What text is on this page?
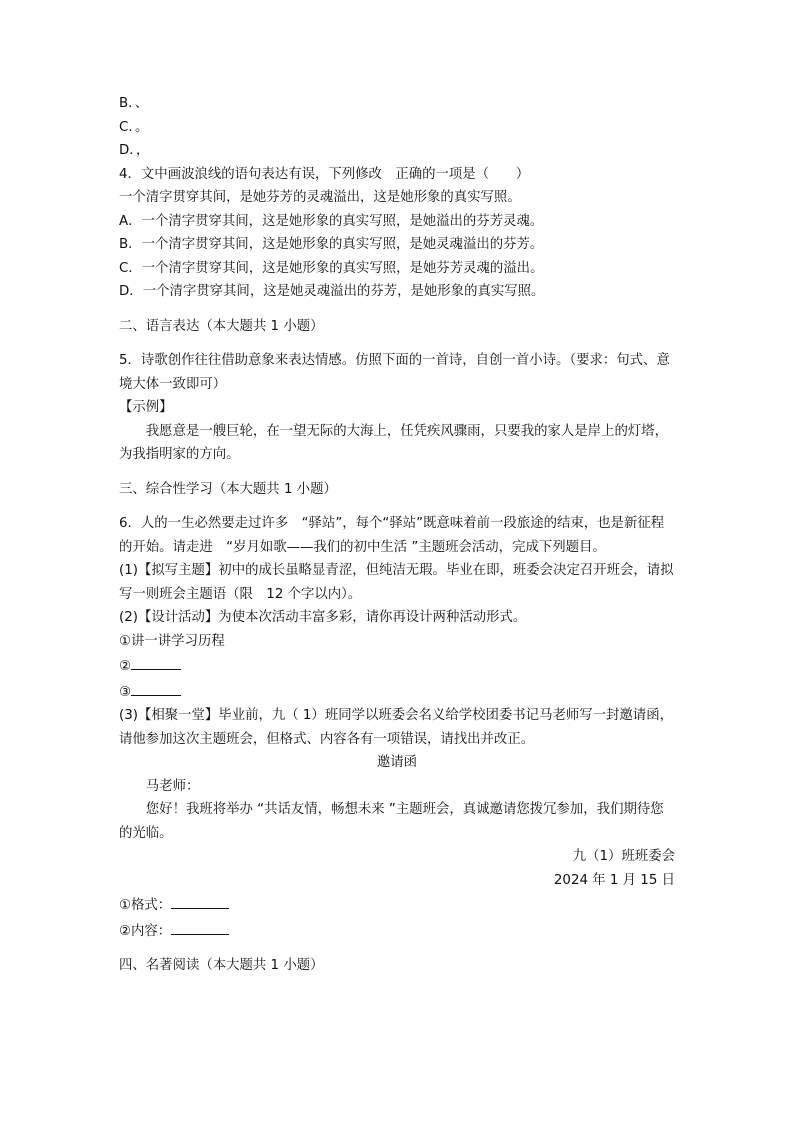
B．、
C．。
D．，
4．文中画波浪线的语句表达有误，下列修改　正确的一项是（　　）
一个清字贯穿其间，是她芬芳的灵魂溢出，这是她形象的真实写照。
A．一个清字贯穿其间，这是她形象的真实写照，是她溢出的芬芳灵魂。
B．一个清字贯穿其间，这是她形象的真实写照，是她灵魂溢出的芬芳。
C．一个清字贯穿其间，这是她形象的真实写照，是她芬芳灵魂的溢出。
D．一个清字贯穿其间，这是她灵魂溢出的芬芳，是她形象的真实写照。
二、语言表达（本大题共 1 小题）
5．诗歌创作往往借助意象来表达情感。仿照下面的一首诗，自创一首小诗。（要求：句式、意境大体一致即可）
【示例】
我愿意是一艘巨轮，在一望无际的大海上，任凭疾风骤雨，只要我的家人是岸上的灯塔，为我指明家的方向。
三、综合性学习（本大题共 1 小题）
6．人的一生必然要走过许多　“驿站”，每个“驿站”既意味着前一段旅途的结束，也是新征程的开始。请走进　“岁月如歌——我们的初中生活 ”主题班会活动，完成下列题目。
(1)【拟写主题】初中的成长虽略显青涩，但纯洁无瑕。毕业在即，班委会决定召开班会，请拟写一则班会主题语（限　12 个字以内）。
(2)【设计活动】为使本次活动丰富多彩，请你再设计两种活动形式。
①讲一讲学习历程
②
③
(3)【相聚一堂】毕业前，九（ 1）班同学以班委会名义给学校团委书记马老师写一封邀请函，请他参加这次主题班会，但格式、内容各有一项错误，请找出并改正。
邀请函
马老师：
您好！我班将举办 “共话友情，畅想未来 ”主题班会，真诚邀请您拨冗参加，我们期待您的光临。
九（1）班班委会
2024 年 1 月 15 日
①格式：
②内容：
四、名著阅读（本大题共 1 小题）
